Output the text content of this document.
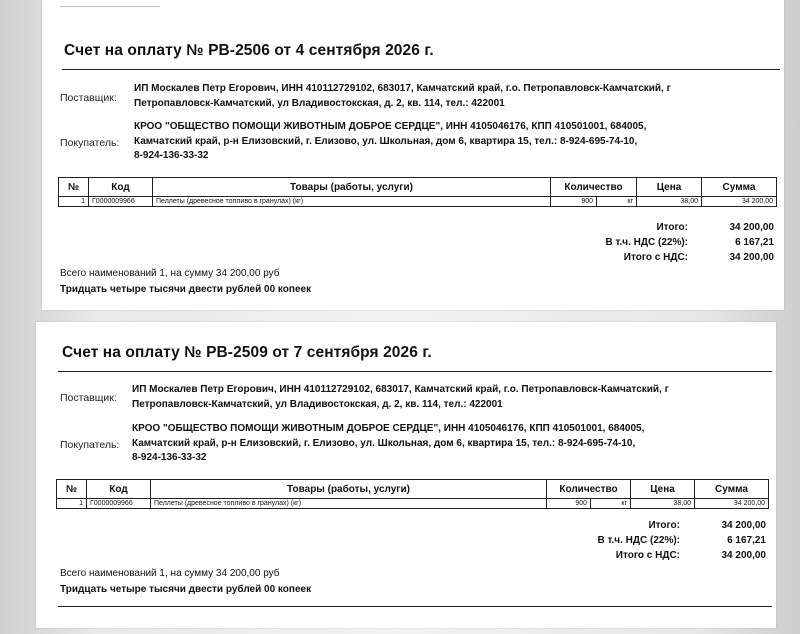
Счет на оплату № РВ-2506 от 4 сентября 2026 г.
Поставщик:
ИП Москалев Петр Егорович, ИНН 410112729102, 683017, Камчатский край, г.о. Петропавловск-Камчатский, г
Петропавловск-Камчатский, ул Владивостокская, д. 2, кв. 114, тел.: 422001
Покупатель:
КРОО "ОБЩЕСТВО ПОМОЩИ ЖИВОТНЫМ ДОБРОЕ СЕРДЦЕ", ИНН 4105046176, КПП 410501001, 684005,
Камчатский край, р-н Елизовский, г. Елизово, ул. Школьная, дом 6, квартира 15, тел.: 8-924-695-74-10,
8-924-136-33-32
№	Код	Товары (работы, услуги)	Количество		Цена	Сумма
1	Г0000009966	Пеллеты (древесное топливо в гранулах) (кг)	900	кг	38,00	34 200,00
Итого:	34 200,00
В т.ч. НДС (22%):	6 167,21
Итого с НДС:	34 200,00
Всего наименований 1, на сумму 34 200,00 руб
Тридцать четыре тысячи двести рублей 00 копеек
Счет на оплату № РВ-2509 от 7 сентября 2026 г.
Поставщик:
ИП Москалев Петр Егорович, ИНН 410112729102, 683017, Камчатский край, г.о. Петропавловск-Камчатский, г
Петропавловск-Камчатский, ул Владивостокская, д. 2, кв. 114, тел.: 422001
Покупатель:
КРОО "ОБЩЕСТВО ПОМОЩИ ЖИВОТНЫМ ДОБРОЕ СЕРДЦЕ", ИНН 4105046176, КПП 410501001, 684005,
Камчатский край, р-н Елизовский, г. Елизово, ул. Школьная, дом 6, квартира 15, тел.: 8-924-695-74-10,
8-924-136-33-32
№	Код	Товары (работы, услуги)	Количество		Цена	Сумма
1	Г0000009966	Пеллеты (древесное топливо в гранулах) (кг)	900	кг	38,00	34 200,00
Итого:	34 200,00
В т.ч. НДС (22%):	6 167,21
Итого с НДС:	34 200,00
Всего наименований 1, на сумму 34 200,00 руб
Тридцать четыре тысячи двести рублей 00 копеек
